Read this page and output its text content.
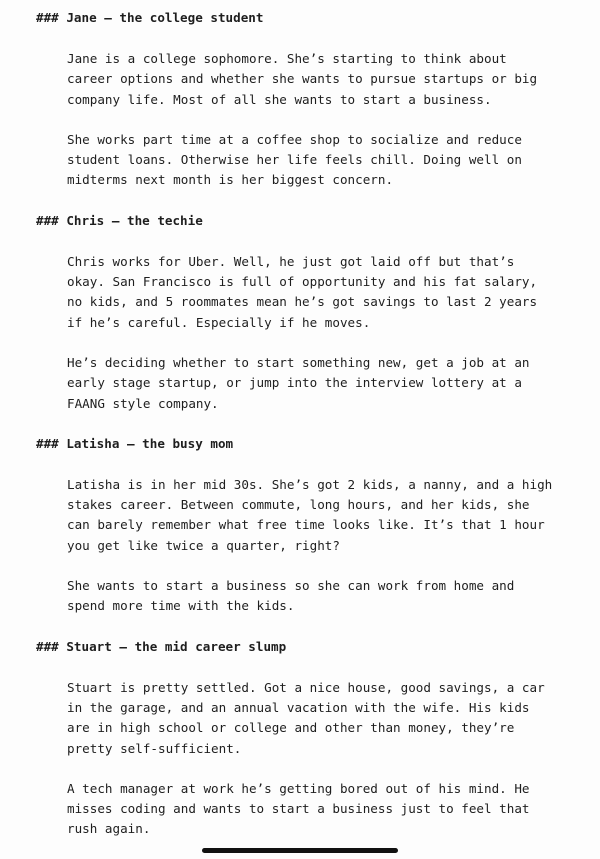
### Jane – the college student
Jane is a college sophomore. She’s starting to think about
career options and whether she wants to pursue startups or big
company life. Most of all she wants to start a business.
She works part time at a coffee shop to socialize and reduce
student loans. Otherwise her life feels chill. Doing well on
midterms next month is her biggest concern.
### Chris – the techie
Chris works for Uber. Well, he just got laid off but that’s
okay. San Francisco is full of opportunity and his fat salary,
no kids, and 5 roommates mean he’s got savings to last 2 years
if he’s careful. Especially if he moves.
He’s deciding whether to start something new, get a job at an
early stage startup, or jump into the interview lottery at a
FAANG style company.
### Latisha – the busy mom
Latisha is in her mid 30s. She’s got 2 kids, a nanny, and a high
stakes career. Between commute, long hours, and her kids, she
can barely remember what free time looks like. It’s that 1 hour
you get like twice a quarter, right?
She wants to start a business so she can work from home and
spend more time with the kids.
### Stuart – the mid career slump
Stuart is pretty settled. Got a nice house, good savings, a car
in the garage, and an annual vacation with the wife. His kids
are in high school or college and other than money, they’re
pretty self-sufficient.
A tech manager at work he’s getting bored out of his mind. He
misses coding and wants to start a business just to feel that
rush again.
